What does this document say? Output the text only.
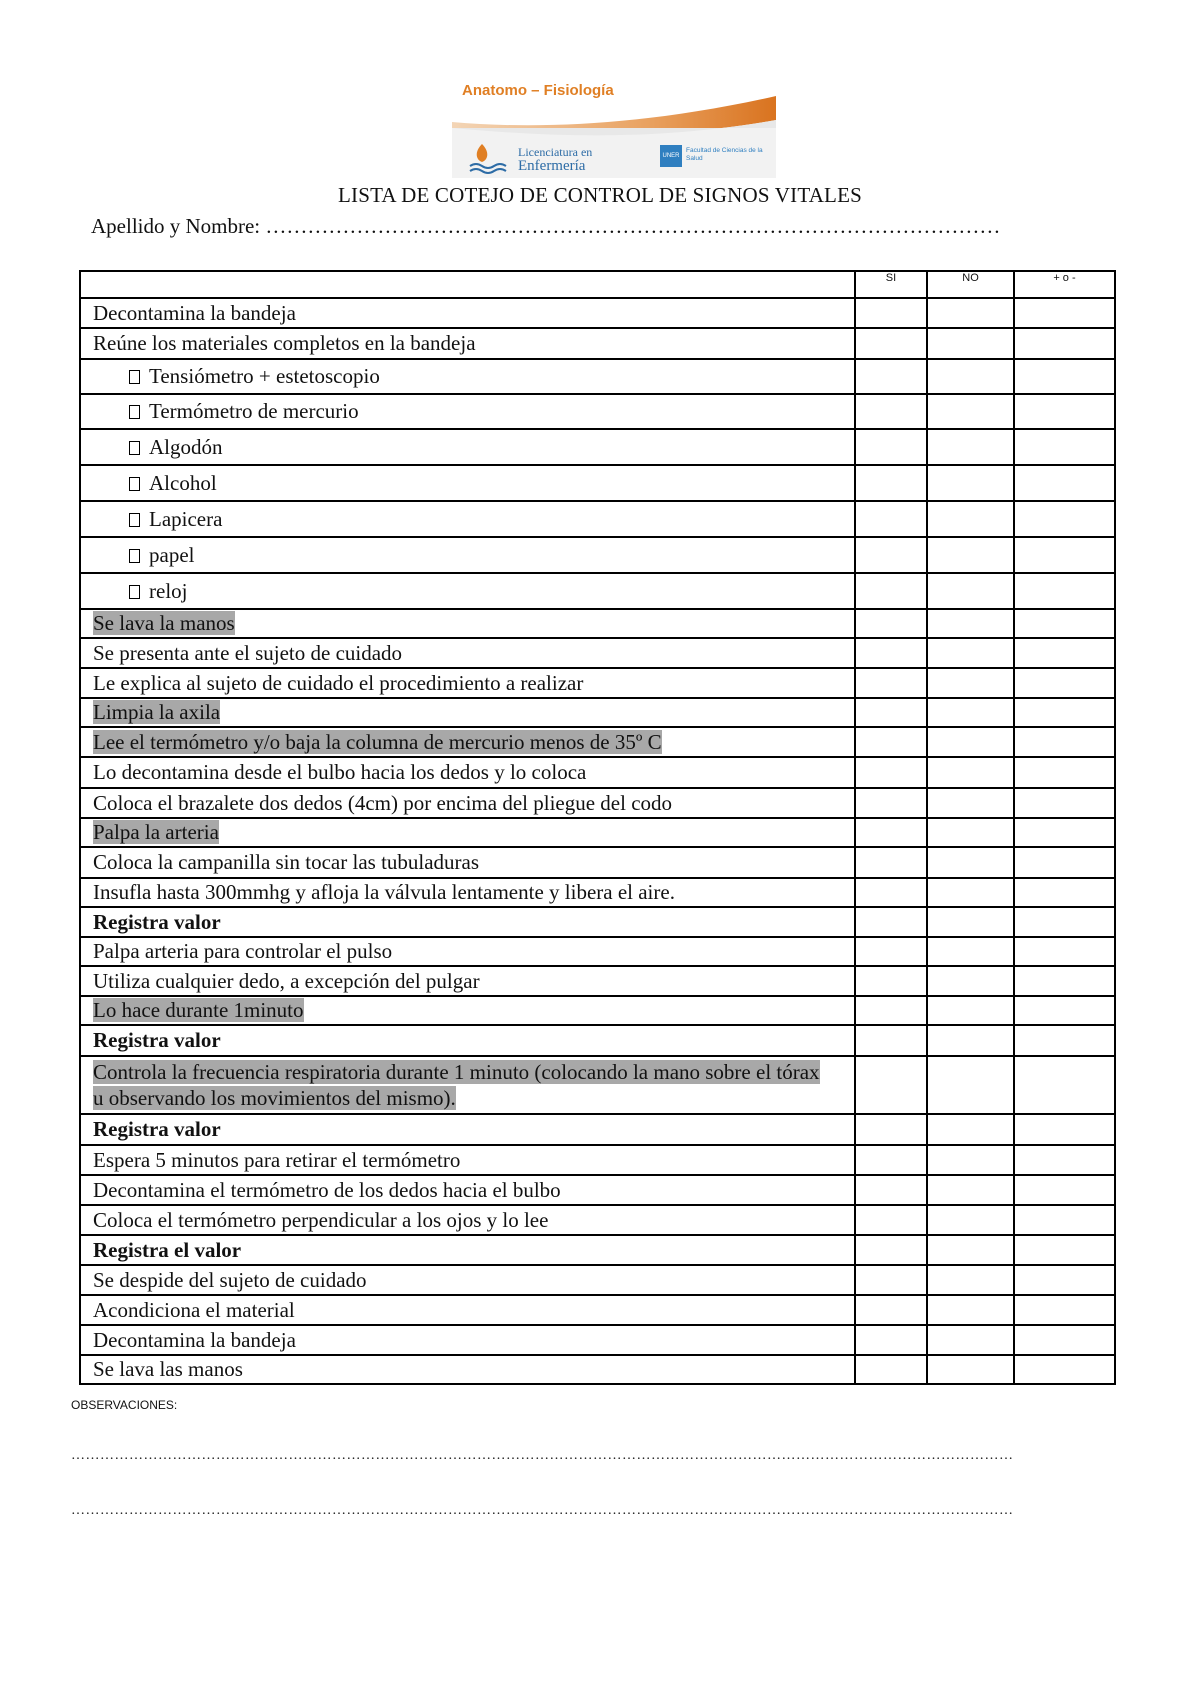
Anatomo – Fisiología
Licenciatura en
Enfermería
UNER
Facultad de Ciencias de la Salud
LISTA DE COTEJO DE CONTROL DE SIGNOS VITALES
Apellido y Nombre: ……………………………………………………………………………………………
	SI	NO	+ o -
Decontamina la bandeja			
Reúne los materiales completos en la bandeja			
Tensiómetro + estetoscopio			
Termómetro de mercurio			
Algodón			
Alcohol			
Lapicera			
papel			
reloj			
Se lava la manos			
Se presenta ante el sujeto de cuidado			
Le explica al sujeto de cuidado el procedimiento a realizar			
Limpia la axila			
Lee el termómetro y/o baja la columna de mercurio menos de 35º C			
Lo decontamina desde el bulbo hacia los dedos y lo coloca			
Coloca el brazalete dos dedos (4cm) por encima del pliegue del codo			
Palpa la arteria			
Coloca la campanilla sin tocar las tubuladuras			
Insufla hasta 300mmhg y afloja la válvula lentamente y libera el aire.			
Registra valor			
Palpa arteria para controlar el pulso			
Utiliza cualquier dedo, a excepción del pulgar			
Lo hace durante 1minuto			
Registra valor			
Controla la frecuencia respiratoria durante 1 minuto (colocando la mano sobre el tórax u observando los movimientos del mismo).			
Registra valor			
Espera 5 minutos para retirar el termómetro			
Decontamina el termómetro de los dedos hacia el bulbo			
Coloca el termómetro perpendicular a los ojos y lo lee			
Registra el valor			
Se despide del sujeto de cuidado			
Acondiciona el material			
Decontamina la bandeja			
Se lava las manos			
OBSERVACIONES:
……………………………………………………………………………………………………………………………………………………………………………
……………………………………………………………………………………………………………………………………………………………………………
